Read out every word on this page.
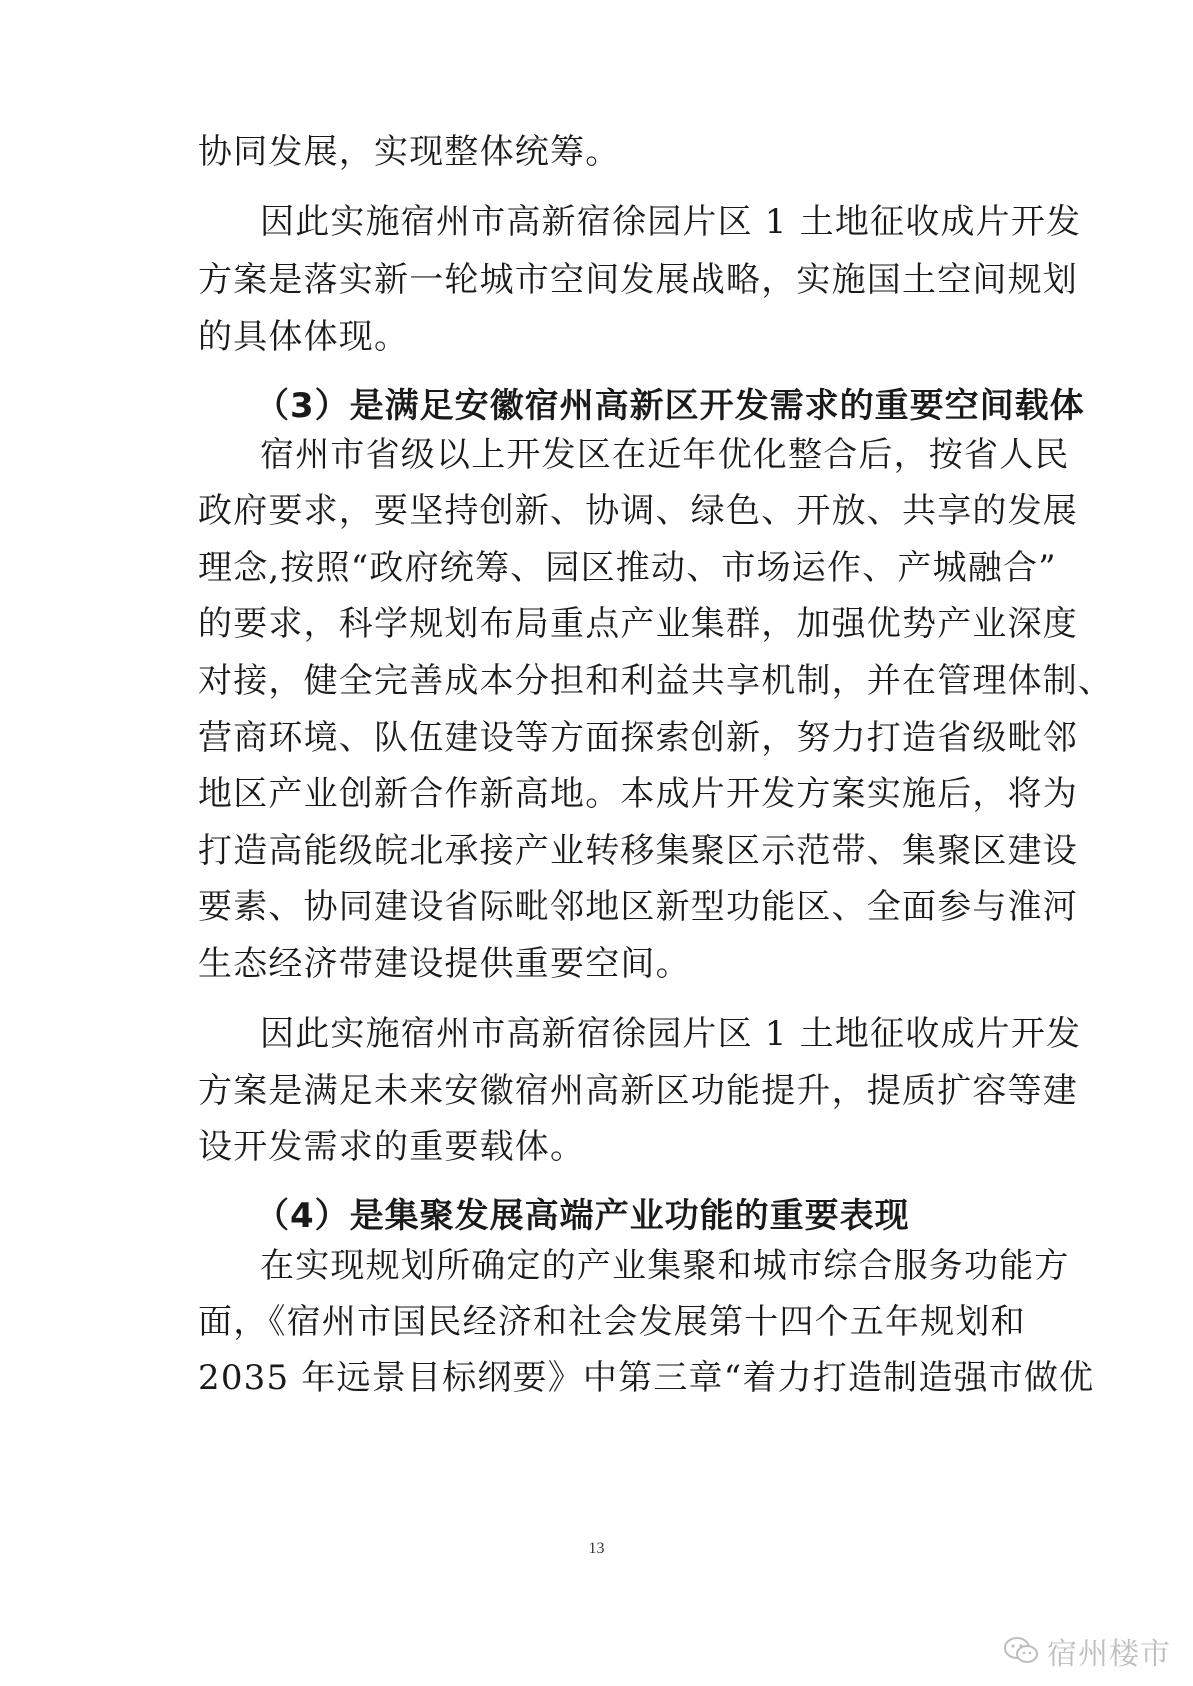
协同发展，实现整体统筹。
因此实施宿州市高新宿徐园片区 1 土地征收成片开发
方案是落实新一轮城市空间发展战略，实施国土空间规划
的具体体现。
（3）是满足安徽宿州高新区开发需求的重要空间载体
宿州市省级以上开发区在近年优化整合后，按省人民
政府要求，要坚持创新、协调、绿色、开放、共享的发展
理念,按照“政府统筹、园区推动、市场运作、产城融合”
的要求，科学规划布局重点产业集群，加强优势产业深度
对接，健全完善成本分担和利益共享机制，并在管理体制、
营商环境、队伍建设等方面探索创新，努力打造省级毗邻
地区产业创新合作新高地。本成片开发方案实施后，将为
打造高能级皖北承接产业转移集聚区示范带、集聚区建设
要素、协同建设省际毗邻地区新型功能区、全面参与淮河
生态经济带建设提供重要空间。
因此实施宿州市高新宿徐园片区 1 土地征收成片开发
方案是满足未来安徽宿州高新区功能提升，提质扩容等建
设开发需求的重要载体。
（4）是集聚发展高端产业功能的重要表现
在实现规划所确定的产业集聚和城市综合服务功能方
面，《宿州市国民经济和社会发展第十四个五年规划和
2035 年远景目标纲要》中第三章“着力打造制造强市做优
13
宿州楼市
